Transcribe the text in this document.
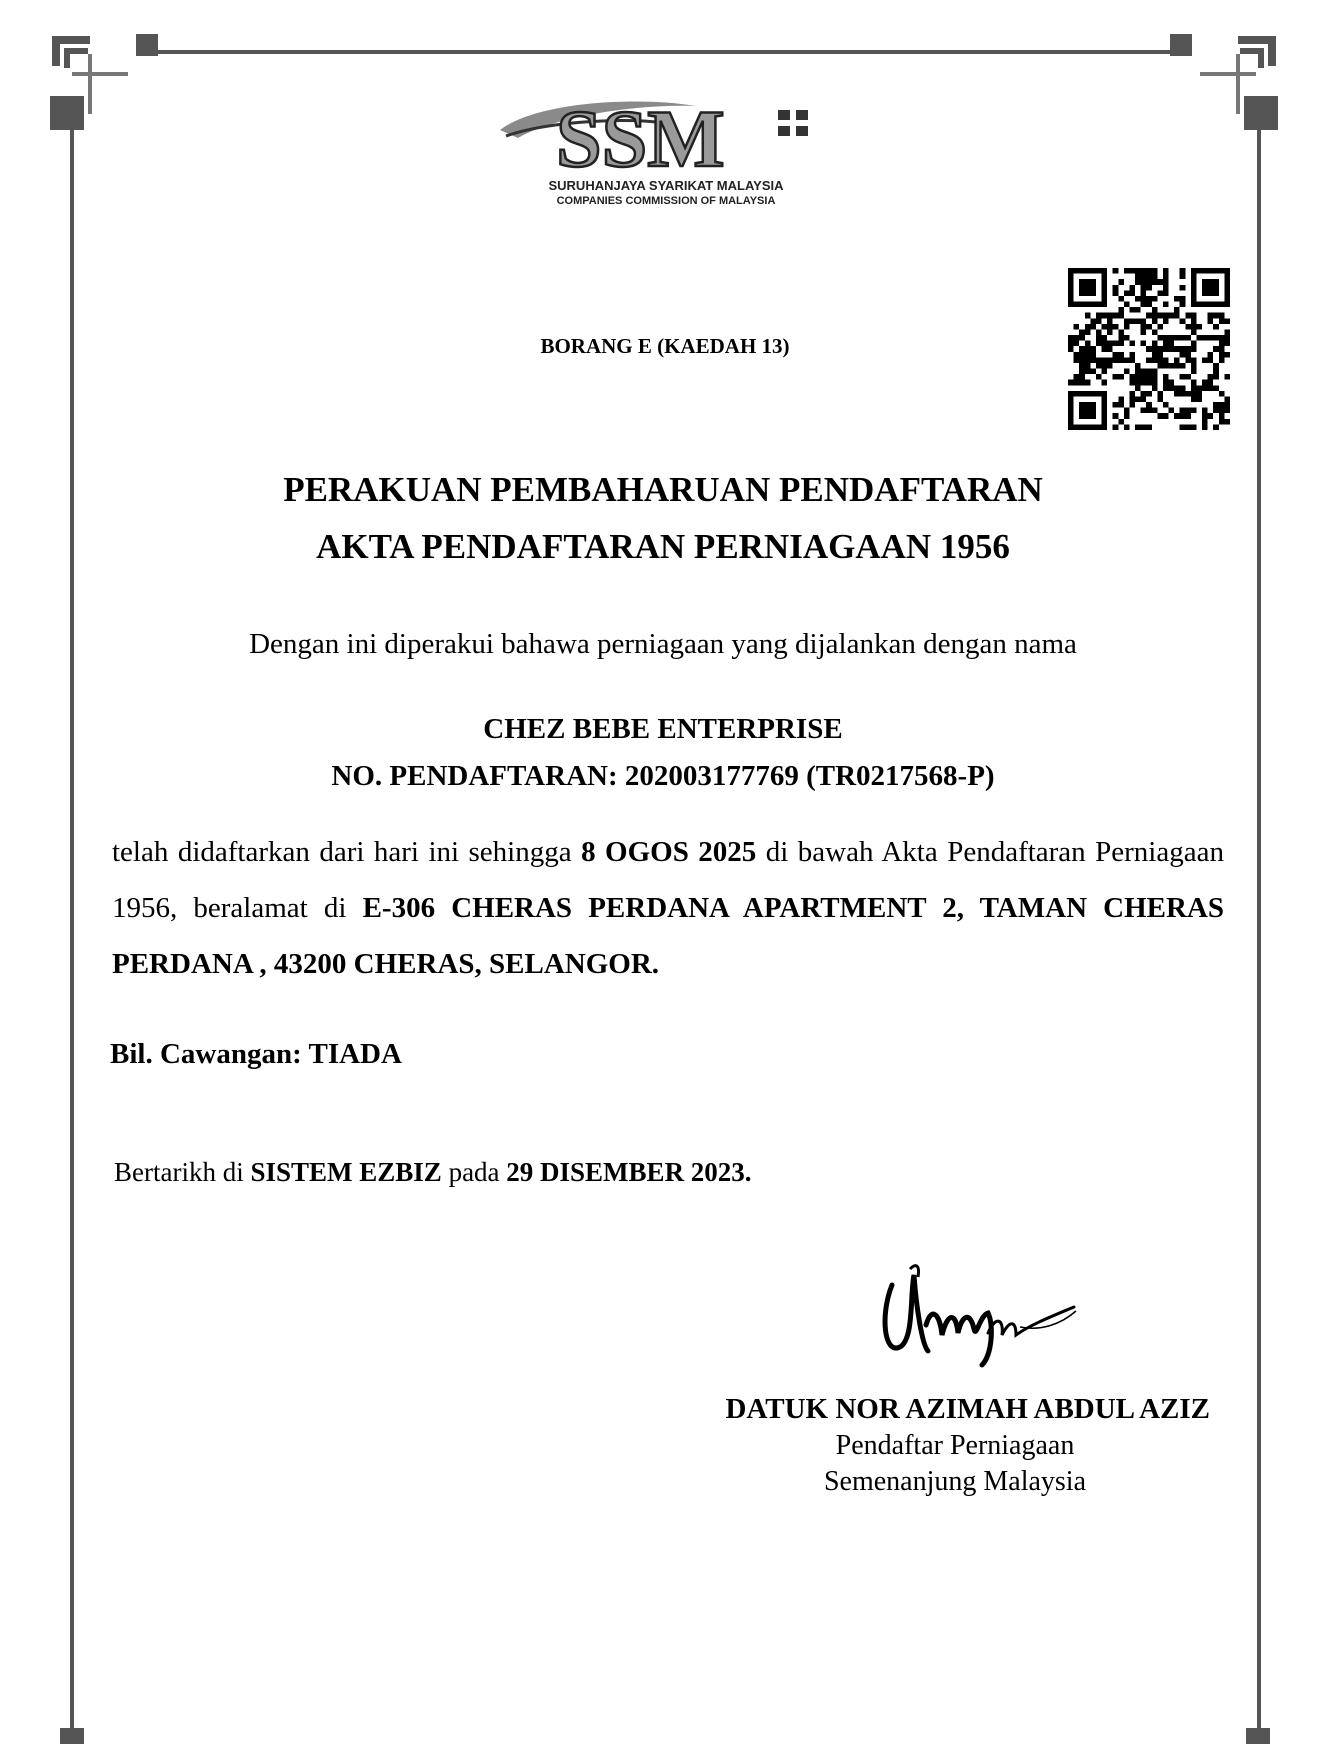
SSM
SURUHANJAYA SYARIKAT MALAYSIA
COMPANIES COMMISSION OF MALAYSIA
BORANG E (KAEDAH 13)
PERAKUAN PEMBAHARUAN PENDAFTARAN
AKTA PENDAFTARAN PERNIAGAAN 1956
Dengan ini diperakui bahawa perniagaan yang dijalankan dengan nama
CHEZ BEBE ENTERPRISE
NO. PENDAFTARAN: 202003177769 (TR0217568-P)
telah didaftarkan dari hari ini sehingga 8 OGOS 2025 di bawah Akta Pendaftaran Perniagaan 1956, beralamat di E-306 CHERAS PERDANA APARTMENT 2, TAMAN CHERAS PERDANA , 43200 CHERAS, SELANGOR.
Bil. Cawangan: TIADA
Bertarikh di SISTEM EZBIZ pada 29 DISEMBER 2023.
DATUK NOR AZIMAH ABDUL AZIZ
Pendaftar Perniagaan
Semenanjung Malaysia
